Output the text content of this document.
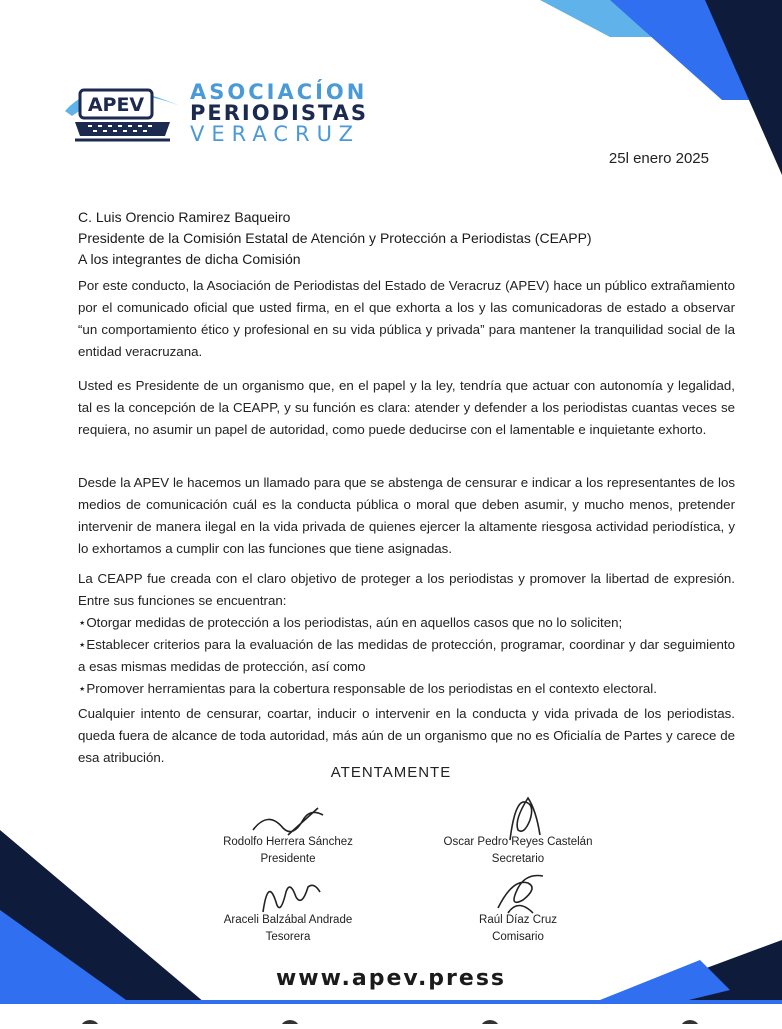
APEV
ASOCIACÍON
PERIODISTAS
VERACRUZ
25l enero 2025
C. Luis Orencio Ramirez Baqueiro
Presidente de la Comisión Estatal de Atención y Protección a Periodistas (CEAPP)
A los integrantes de dicha Comisión

Por este conducto, la Asociación de Periodistas del Estado de Veracruz (APEV) hace un público extrañamiento por el comunicado oficial que usted firma, en el que exhorta a los y las comunicadoras de estado a observar “un comportamiento ético y profesional en su vida pública y privada” para mantener la tranquilidad social de la entidad veracruzana.

Usted es Presidente de un organismo que, en el papel y la ley, tendría que actuar con autonomía y legalidad, tal es la concepción de la CEAPP, y su función es clara: atender y defender a los periodistas cuantas veces se requiera, no asumir un papel de autoridad, como puede deducirse con el lamentable e inquietante exhorto.

Desde la APEV le hacemos un llamado para que se abstenga de censurar e indicar a los representantes de los medios de comunicación cuál es la conducta pública o moral que deben asumir, y mucho menos, pretender intervenir de manera ilegal en la vida privada de quienes ejercer la altamente riesgosa actividad periodística, y lo exhortamos a cumplir con las funciones que tiene asignadas.

La CEAPP fue creada con el claro objetivo de proteger a los periodistas y promover la libertad de expresión. Entre sus funciones se encuentran:

⋆Otorgar medidas de protección a los periodistas, aún en aquellos casos que no lo soliciten;

⋆Establecer criterios para la evaluación de las medidas de protección, programar, coordinar y dar seguimiento a esas mismas medidas de protección, así como

⋆Promover herramientas para la cobertura responsable de los periodistas en el contexto electoral.

Cualquier intento de censurar, coartar, inducir o intervenir en la conducta y vida privada de los periodistas. queda fuera de alcance de toda autoridad, más aún de un organismo que no es Oficialía de Partes y carece de esa atribución.

ATENTAMENTE
Rodolfo Herrera Sánchez
Presidente
Oscar Pedro Reyes Castelán
Secretario
Araceli Balzábal Andrade
Tesorera
Raúl Díaz Cruz
Comisario
www.apev.press
